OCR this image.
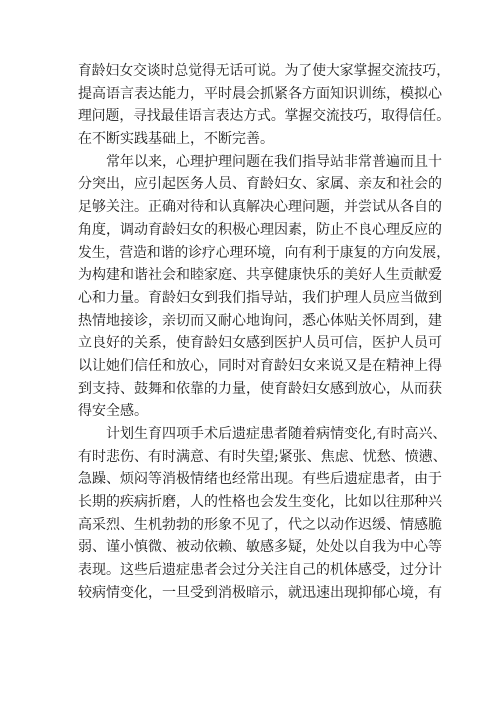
育龄妇女交谈时总觉得无话可说。为了使大家掌握交流技巧，
提高语言表达能力，平时晨会抓紧各方面知识训练，模拟心
理问题，寻找最佳语言表达方式。掌握交流技巧，取得信任。
在不断实践基础上，不断完善。
常年以来，心理护理问题在我们指导站非常普遍而且十
分突出，应引起医务人员、育龄妇女、家属、亲友和社会的
足够关注。正确对待和认真解决心理问题，并尝试从各自的
角度，调动育龄妇女的积极心理因素，防止不良心理反应的
发生，营造和谐的诊疗心理环境，向有利于康复的方向发展，
为构建和谐社会和睦家庭、共享健康快乐的美好人生贡献爱
心和力量。育龄妇女到我们指导站，我们护理人员应当做到
热情地接诊，亲切而又耐心地询问，悉心体贴关怀周到，建
立良好的关系，使育龄妇女感到医护人员可信，医护人员可
以让她们信任和放心，同时对育龄妇女来说又是在精神上得
到支持、鼓舞和依靠的力量，使育龄妇女感到放心，从而获
得安全感。
计划生育四项手术后遗症患者随着病情变化,有时高兴、
有时悲伤、有时满意、有时失望;紧张、焦虑、忧愁、愤懑、
急躁、烦闷等消极情绪也经常出现。有些后遗症患者，由于
长期的疾病折磨，人的性格也会发生变化，比如以往那种兴
高采烈、生机勃勃的形象不见了，代之以动作迟缓、情感脆
弱、谨小慎微、被动依赖、敏感多疑，处处以自我为中心等
表现。这些后遗症患者会过分关注自己的机体感受，过分计
较病情变化，一旦受到消极暗示，就迅速出现抑郁心境，有
